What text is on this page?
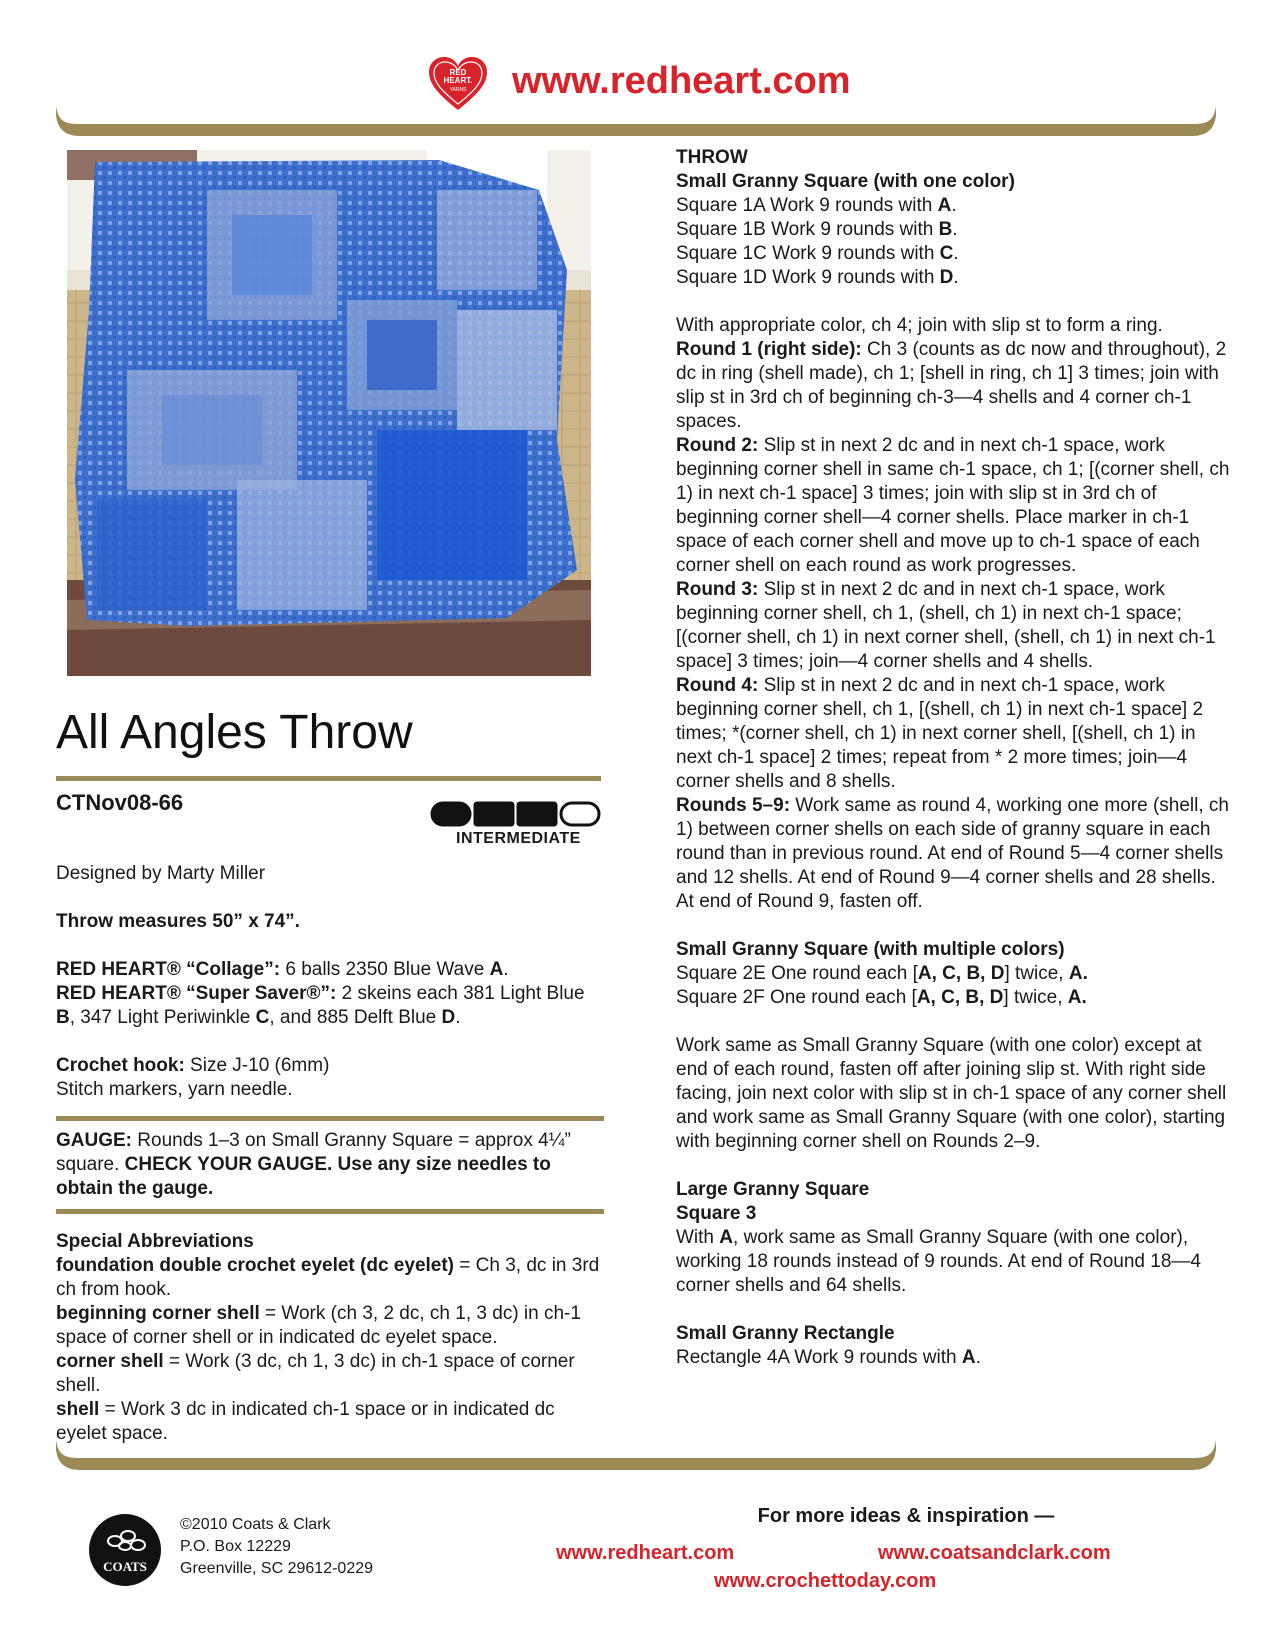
RED
HEART.
YARNS www.redheart.com
All Angles Throw
CTNov08-66
INTERMEDIATE

Designed by Marty Miller

Throw measures 50” x 74”.

RED HEART® “Collage”: 6 balls 2350 Blue Wave A.

RED HEART® “Super Saver®”: 2 skeins each 381 Light Blue B, 347 Light Periwinkle C, and 885 Delft Blue D.

Crochet hook: Size J-10 (6mm)

Stitch markers, yarn needle.

GAUGE: Rounds 1–3 on Small Granny Square = approx 4¼” square. CHECK YOUR GAUGE. Use any size needles to obtain the gauge.

Special Abbreviations

foundation double crochet eyelet (dc eyelet) = Ch 3, dc in 3rd ch from hook.

beginning corner shell = Work (ch 3, 2 dc, ch 1, 3 dc) in ch-1 space of corner shell or in indicated dc eyelet space.

corner shell = Work (3 dc, ch 1, 3 dc) in ch-1 space of corner shell.

shell = Work 3 dc in indicated ch-1 space or in indicated dc eyelet space.

THROW

Small Granny Square (with one color)

Square 1A Work 9 rounds with A.

Square 1B Work 9 rounds with B.

Square 1C Work 9 rounds with C.

Square 1D Work 9 rounds with D.

With appropriate color, ch 4; join with slip st to form a ring.

Round 1 (right side): Ch 3 (counts as dc now and throughout), 2 dc in ring (shell made), ch 1; [shell in ring, ch 1] 3 times; join with slip st in 3rd ch of beginning ch-3—4 shells and 4 corner ch-1 spaces.

Round 2: Slip st in next 2 dc and in next ch-1 space, work beginning corner shell in same ch-1 space, ch 1; [(corner shell, ch 1) in next ch-1 space] 3 times; join with slip st in 3rd ch of beginning corner shell—4 corner shells. Place marker in ch-1 space of each corner shell and move up to ch-1 space of each corner shell on each round as work progresses.

Round 3: Slip st in next 2 dc and in next ch-1 space, work beginning corner shell, ch 1, (shell, ch 1) in next ch-1 space; [(corner shell, ch 1) in next corner shell, (shell, ch 1) in next ch-1 space] 3 times; join—4 corner shells and 4 shells.

Round 4: Slip st in next 2 dc and in next ch-1 space, work beginning corner shell, ch 1, [(shell, ch 1) in next ch-1 space] 2 times; *(corner shell, ch 1) in next corner shell, [(shell, ch 1) in next ch-1 space] 2 times; repeat from * 2 more times; join—4 corner shells and 8 shells.

Rounds 5–9: Work same as round 4, working one more (shell, ch 1) between corner shells on each side of granny square in each round than in previous round. At end of Round 5—4 corner shells and 12 shells. At end of Round 9—4 corner shells and 28 shells. At end of Round 9, fasten off.

Small Granny Square (with multiple colors)

Square 2E One round each [A, C, B, D] twice, A.

Square 2F One round each [A, C, B, D] twice, A.

Work same as Small Granny Square (with one color) except at end of each round, fasten off after joining slip st. With right side facing, join next color with slip st in ch-1 space of any corner shell and work same as Small Granny Square (with one color), starting with beginning corner shell on Rounds 2–9.

Large Granny Square

Square 3

With A, work same as Small Granny Square (with one color), working 18 rounds instead of 9 rounds. At end of Round 18—4 corner shells and 64 shells.

Small Granny Rectangle

Rectangle 4A Work 9 rounds with A.

COATS
©2010 Coats & Clark
P.O. Box 12229
Greenville, SC 29612-0229
For more ideas & inspiration —
www.redheart.com	www.coatsandclark.com
www.crochettoday.com
